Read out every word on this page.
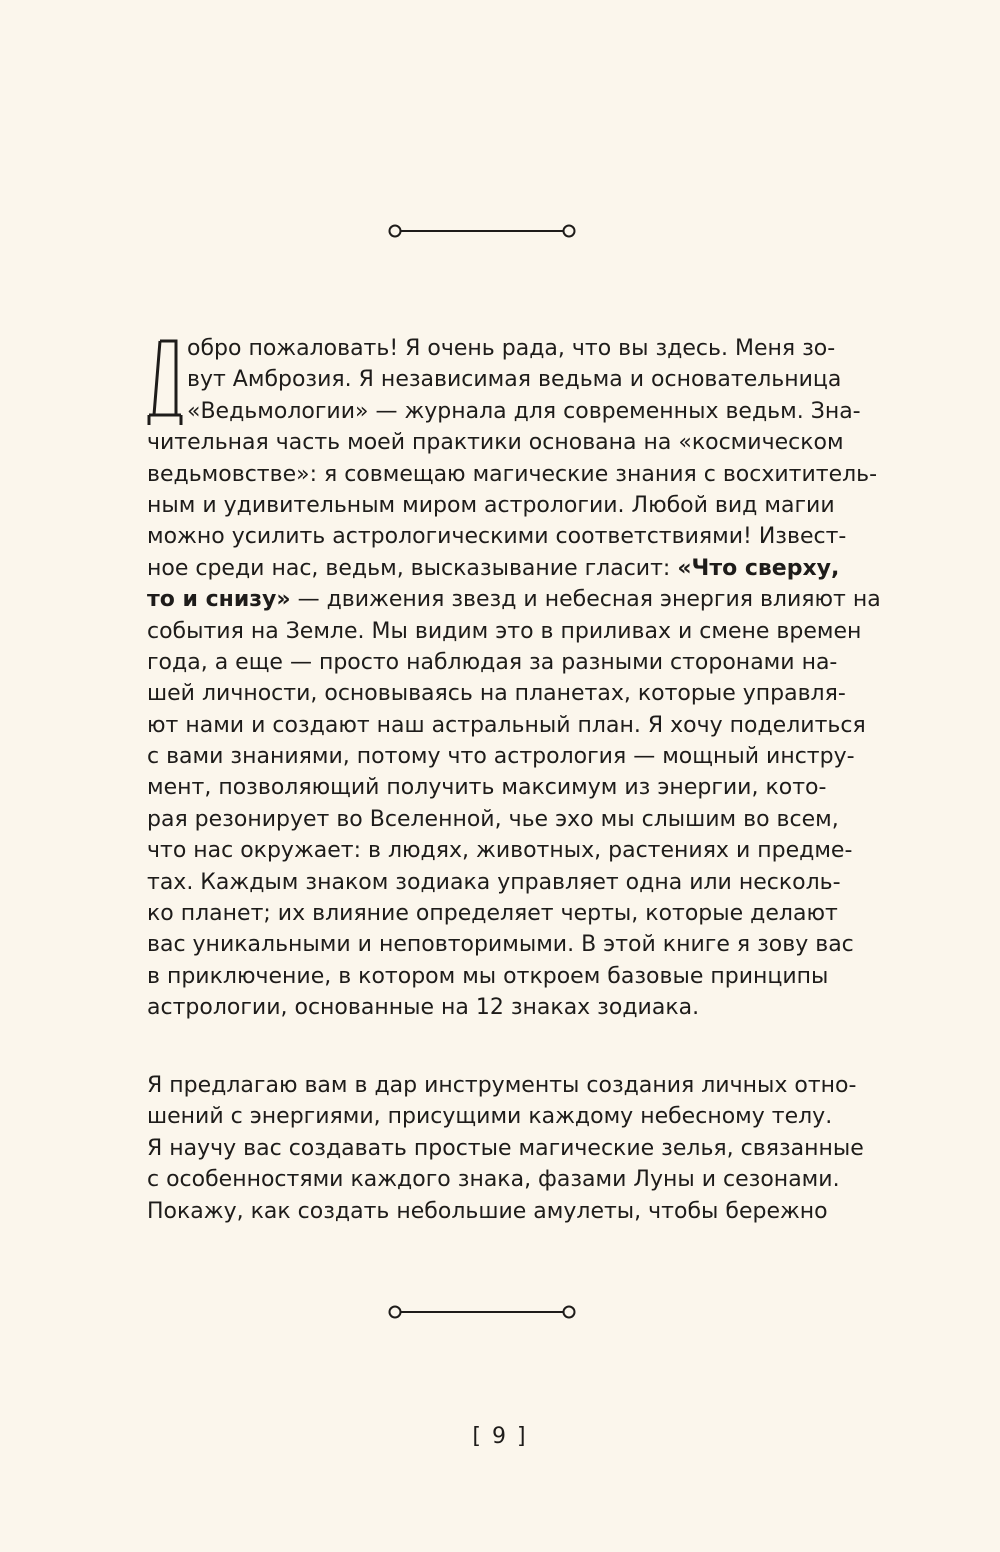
обро пожаловать! Я очень рада, что вы здесь. Меня зо-
вут Амброзия. Я независимая ведьма и основательница
«Ведьмологии» — журнала для современных ведьм. Зна-
чительная часть моей практики основана на «космическом
ведьмовстве»: я совмещаю магические знания с восхититель-
ным и удивительным миром астрологии. Любой вид магии
можно усилить астрологическими соответствиями! Извест-
ное среди нас, ведьм, высказывание гласит: «Что сверху,
то и снизу» — движения звезд и небесная энергия влияют на
события на Земле. Мы видим это в приливах и смене времен
года, а еще — просто наблюдая за разными сторонами на-
шей личности, основываясь на планетах, которые управля-
ют нами и создают наш астральный план. Я хочу поделиться
с вами знаниями, потому что астрология — мощный инстру-
мент, позволяющий получить максимум из энергии, кото-
рая резонирует во Вселенной, чье эхо мы слышим во всем,
что нас окружает: в людях, животных, растениях и предме-
тах. Каждым знаком зодиака управляет одна или несколь-
ко планет; их влияние определяет черты, которые делают
вас уникальными и неповторимыми. В этой книге я зову вас
в приключение, в котором мы откроем базовые принципы
астрологии, основанные на 12 знаках зодиака.
Я предлагаю вам в дар инструменты создания личных отно-
шений с энергиями, присущими каждому небесному телу.
Я научу вас создавать простые магические зелья, связанные
с особенностями каждого знака, фазами Луны и сезонами.
Покажу, как создать небольшие амулеты, чтобы бережно
[ 9 ]
